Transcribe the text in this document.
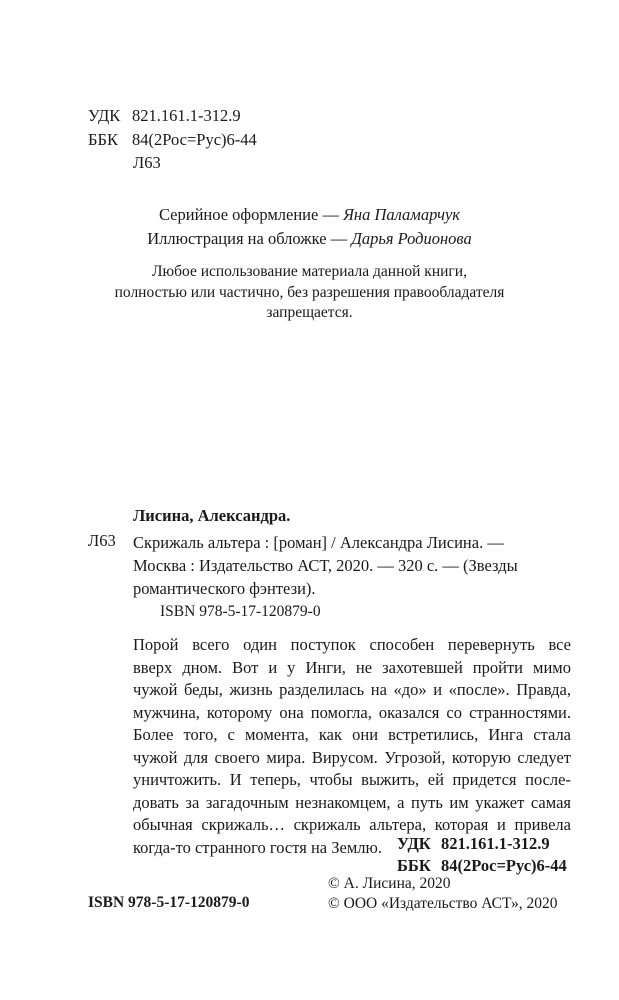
УДК 821.161.1-312.9
ББК 84(2Рос=Рус)6-44
Л63
Серийное оформление — Яна Паламарчук
Иллюстрация на обложке — Дарья Родионова
Любое использование материала данной книги,
полностью или частично, без разрешения правообладателя
запрещается.
Лисина, Александра.
Л63 Скрижаль альтера : [роман] / Александра Лисина. —
Москва : Издательство АСТ, 2020. — 320 с. — (Звезды
романтического фэнтези).
ISBN 978-5-17-120879-0
Порой всего один поступок способен перевернуть все
вверх дном. Вот и у Инги, не захотевшей пройти мимо
чужой беды, жизнь разделилась на «до» и «после». Правда,
мужчина, которому она помогла, оказался со странностями.
Более того, с момента, как они встретились, Инга стала
чужой для своего мира. Вирусом. Угрозой, которую следует
уничтожить. И теперь, чтобы выжить, ей придется после-
довать за загадочным незнакомцем, а путь им укажет самая
обычная скрижаль… скрижаль альтера, которая и привела
когда-то странного гостя на Землю. УДК 821.161.1-312.9
ББК 84(2Рос=Рус)6-44
ISBN 978-5-17-120879-0
© А. Лисина, 2020
© ООО «Издательство АСТ», 2020
